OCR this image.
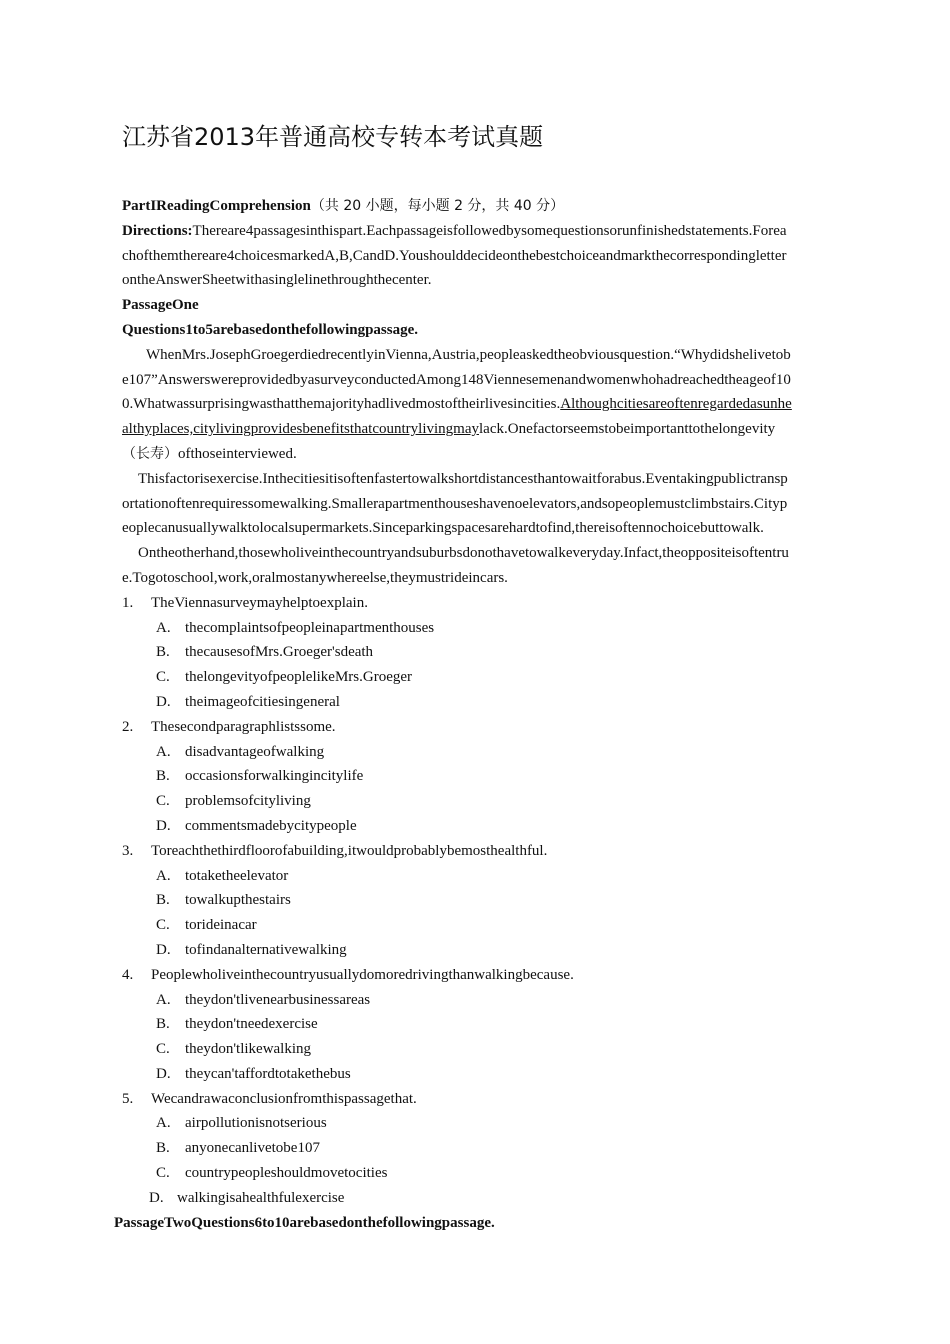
江苏省2013年普通高校专转本考试真题
PartIReadingComprehension（共 20 小题，每小题 2 分，共 40 分）
Directions:Thereare4passagesinthispart.Eachpassageisfollowedbysomequestionsorunfinishedstatements.Forea
chofthemthereare4choicesmarkedA,B,CandD.Youshoulddecideonthebestchoiceandmarkthecorrespondingletter
ontheAnswerSheetwithasinglelinethroughthecenter.
PassageOne
Questions1to5arebasedonthefollowingpassage.
WhenMrs.JosephGroegerdiedrecentlyinVienna,Austria,peopleaskedtheobviousquestion.“Whydidshelivetob
e107”AnswerswereprovidedbyasurveyconductedAmong148Viennesemenandwomenwhohadreachedtheageof10
0.Whatwassurprisingwasthatthemajorityhadlivedmostoftheirlivesincities.Althoughcitiesareoftenregardedasunhe
althyplaces,citylivingprovidesbenefitsthatcountrylivingmaylack.Onefactorseemstobeimportanttothelongevity
（长寿）ofthoseinterviewed.
Thisfactorisexercise.Inthecitiesitisoftenfastertowalkshortdistancesthantowaitforabus.Eventakingpublictransp
ortationoftenrequiressomewalking.Smallerapartmenthouseshavenoelevators,andsopeoplemustclimbstairs.Cityp
eoplecanusuallywalktolocalsupermarkets.Sinceparkingspacesarehardtofind,thereisoftennochoicebuttowalk.
Ontheotherhand,thosewholiveinthecountryandsuburbsdonothavetowalkeveryday.Infact,theoppositeisoftentru
e.Togotoschool,work,oralmostanywhereelse,theymustrideincars.
1.	TheViennasurveymayhelptoexplain.
A. thecomplaintsofpeopleinapartmenthouses
B.	thecausesofMrs.Groeger'sdeath
C.	thelongevityofpeoplelikeMrs.Groeger
D. theimageofcitiesingeneral
2.	Thesecondparagraphlistssome.
A. disadvantageofwalking
B.	occasionsforwalkingincitylife
C.	problemsofcityliving
D. commentsmadebycitypeople
3.	Toreachthethirdfloorofabuilding,itwouldprobablybemosthealthful.
A. totaketheelevator
B.	towalkupthestairs
C.	torideinacar
D. tofindanalternativewalking
4.	Peoplewholiveinthecountryusuallydomoredrivingthanwalkingbecause.
A. theydon'tlivenearbusinessareas
B.	theydon'tneedexercise
C.	theydon'tlikewalking
D. theycan'taffordtotakethebus
5.	Wecandrawaconclusionfromthispassagethat.
A. airpollutionisnotserious
B.	anyonecanlivetobe107
C.	countrypeopleshouldmovetocities
D. walkingisahealthfulexercise
PassageTwoQuestions6to10arebasedonthefollowingpassage.
